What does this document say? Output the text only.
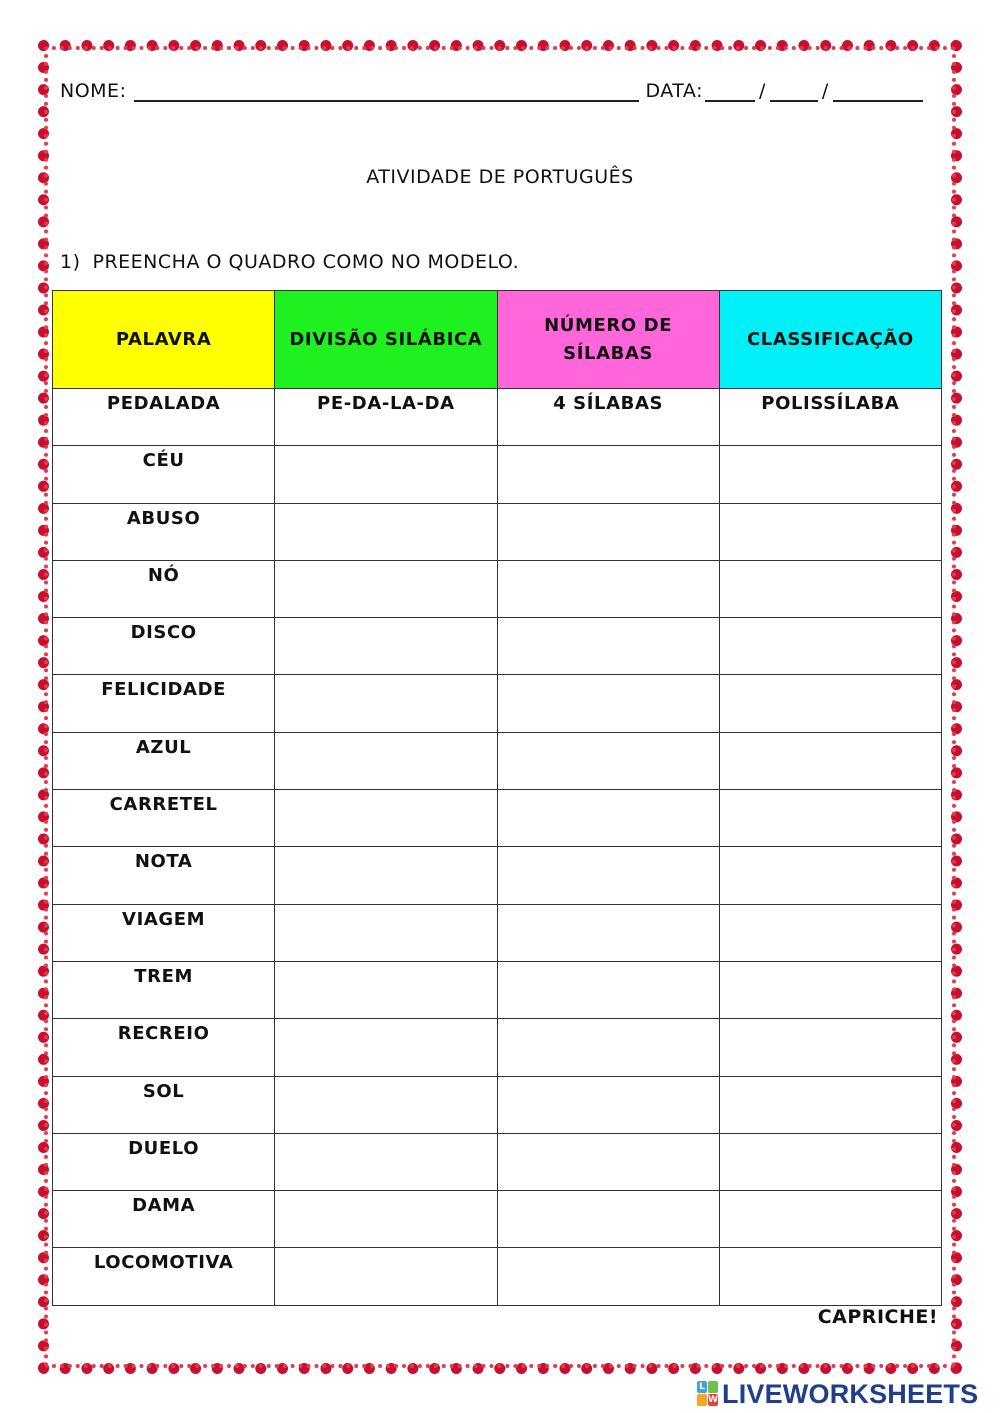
NOME:	DATA:	/	/
ATIVIDADE DE PORTUGUÊS
1) PREENCHA O QUADRO COMO NO MODELO.
PALAVRA	DIVISÃO SILÁBICA	NÚMERO DE SÍLABAS	CLASSIFICAÇÃO
PEDALADA	PE-DA-LA-DA	4 SÍLABAS	POLISSÍLABA
CÉU			
ABUSO			
NÓ			
DISCO			
FELICIDADE			
AZUL			
CARRETEL			
NOTA			
VIAGEM			
TREM			
RECREIO			
SOL			
DUELO			
DAMA			
LOCOMOTIVA			
CAPRICHE!
L
W LIVEWORKSHEETS
